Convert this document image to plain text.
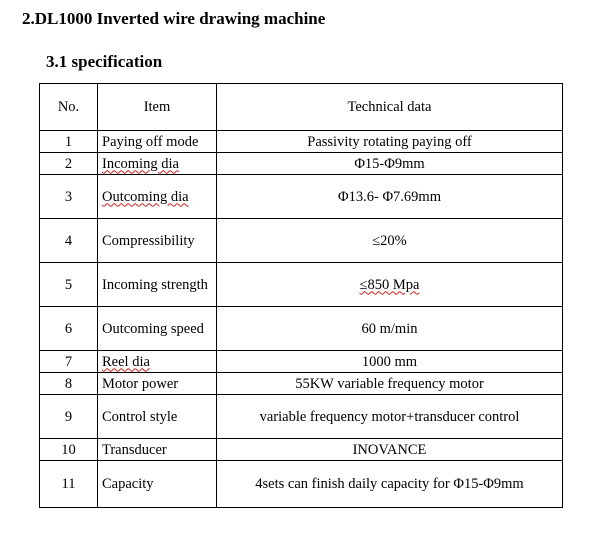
2.DL1000 Inverted wire drawing machine
3.1 specification
No.	Item	Technical data
1	Paying off mode	Passivity rotating paying off
2	Incoming dia	Φ15-Φ9mm
3	Outcoming dia	Φ13.6- Φ7.69mm
4	Compressibility	≤20%
5	Incoming strength	≤850 Mpa
6	Outcoming speed	60 m/min
7	Reel dia	1000 mm
8	Motor power	55KW variable frequency motor
9	Control style	variable frequency motor+transducer control
10	Transducer	INOVANCE
11	Capacity	4sets can finish daily capacity for Φ15-Φ9mm
